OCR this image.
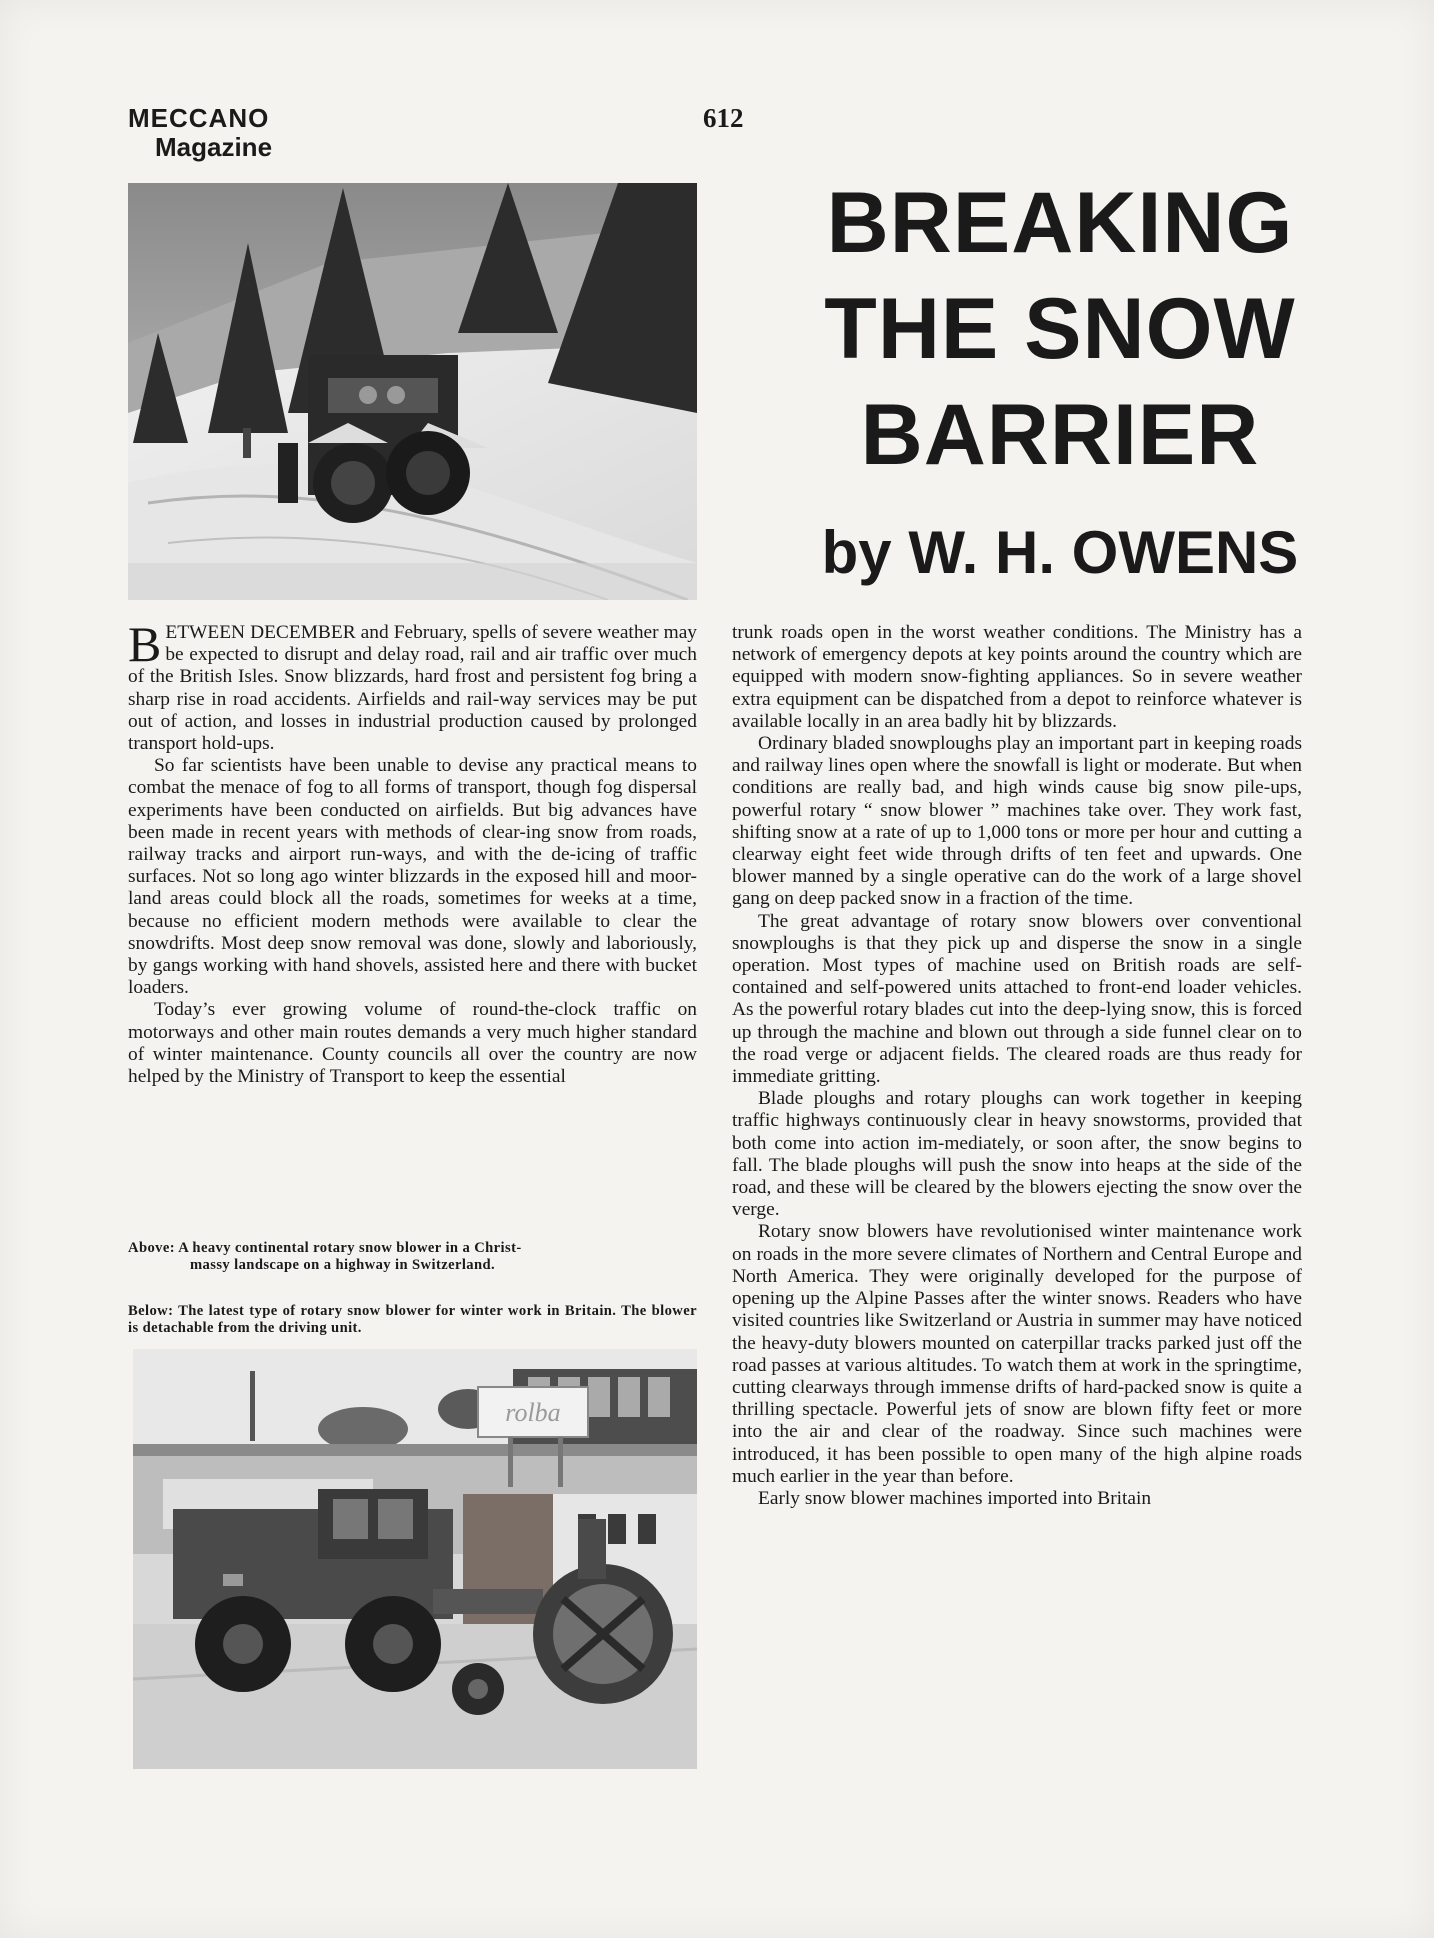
MECCANO
Magazine
612
BREAKING
THE SNOW
BARRIER
by W. H. OWENS

BETWEEN DECEMBER and February, spells of severe weather may be expected to disrupt and delay road, rail and air traffic over much of the British Isles. Snow blizzards, hard frost and persistent fog bring a sharp rise in road accidents. Airfields and rail-way services may be put out of action, and losses in industrial production caused by prolonged transport hold-ups.

So far scientists have been unable to devise any practical means to combat the menace of fog to all forms of transport, though fog dispersal experiments have been conducted on airfields. But big advances have been made in recent years with methods of clear-ing snow from roads, railway tracks and airport run-ways, and with the de-icing of traffic surfaces. Not so long ago winter blizzards in the exposed hill and moor-land areas could block all the roads, sometimes for weeks at a time, because no efficient modern methods were available to clear the snowdrifts. Most deep snow removal was done, slowly and laboriously, by gangs working with hand shovels, assisted here and there with bucket loaders.

Today’s ever growing volume of round-the-clock traffic on motorways and other main routes demands a very much higher standard of winter maintenance. County councils all over the country are now helped by the Ministry of Transport to keep the essential

Above: A heavy continental rotary snow blower in a Christ-
massy landscape on a highway in Switzerland.
Below: The latest type of rotary snow blower for winter work in Britain. The blower is detachable from the driving unit.
rolba

trunk roads open in the worst weather conditions. The Ministry has a network of emergency depots at key points around the country which are equipped with modern snow-fighting appliances. So in severe weather extra equipment can be dispatched from a depot to reinforce whatever is available locally in an area badly hit by blizzards.

Ordinary bladed snowploughs play an important part in keeping roads and railway lines open where the snowfall is light or moderate. But when conditions are really bad, and high winds cause big snow pile-ups, powerful rotary “ snow blower ” machines take over. They work fast, shifting snow at a rate of up to 1,000 tons or more per hour and cutting a clearway eight feet wide through drifts of ten feet and upwards. One blower manned by a single operative can do the work of a large shovel gang on deep packed snow in a fraction of the time.

The great advantage of rotary snow blowers over conventional snowploughs is that they pick up and disperse the snow in a single operation. Most types of machine used on British roads are self-contained and self-powered units attached to front-end loader vehicles. As the powerful rotary blades cut into the deep-lying snow, this is forced up through the machine and blown out through a side funnel clear on to the road verge or adjacent fields. The cleared roads are thus ready for immediate gritting.

Blade ploughs and rotary ploughs can work together in keeping traffic highways continuously clear in heavy snowstorms, provided that both come into action im-mediately, or soon after, the snow begins to fall. The blade ploughs will push the snow into heaps at the side of the road, and these will be cleared by the blowers ejecting the snow over the verge.

Rotary snow blowers have revolutionised winter maintenance work on roads in the more severe climates of Northern and Central Europe and North America. They were originally developed for the purpose of opening up the Alpine Passes after the winter snows. Readers who have visited countries like Switzerland or Austria in summer may have noticed the heavy-duty blowers mounted on caterpillar tracks parked just off the road passes at various altitudes. To watch them at work in the springtime, cutting clearways through immense drifts of hard-packed snow is quite a thrilling spectacle. Powerful jets of snow are blown fifty feet or more into the air and clear of the roadway. Since such machines were introduced, it has been possible to open many of the high alpine roads much earlier in the year than before.

Early snow blower machines imported into Britain
